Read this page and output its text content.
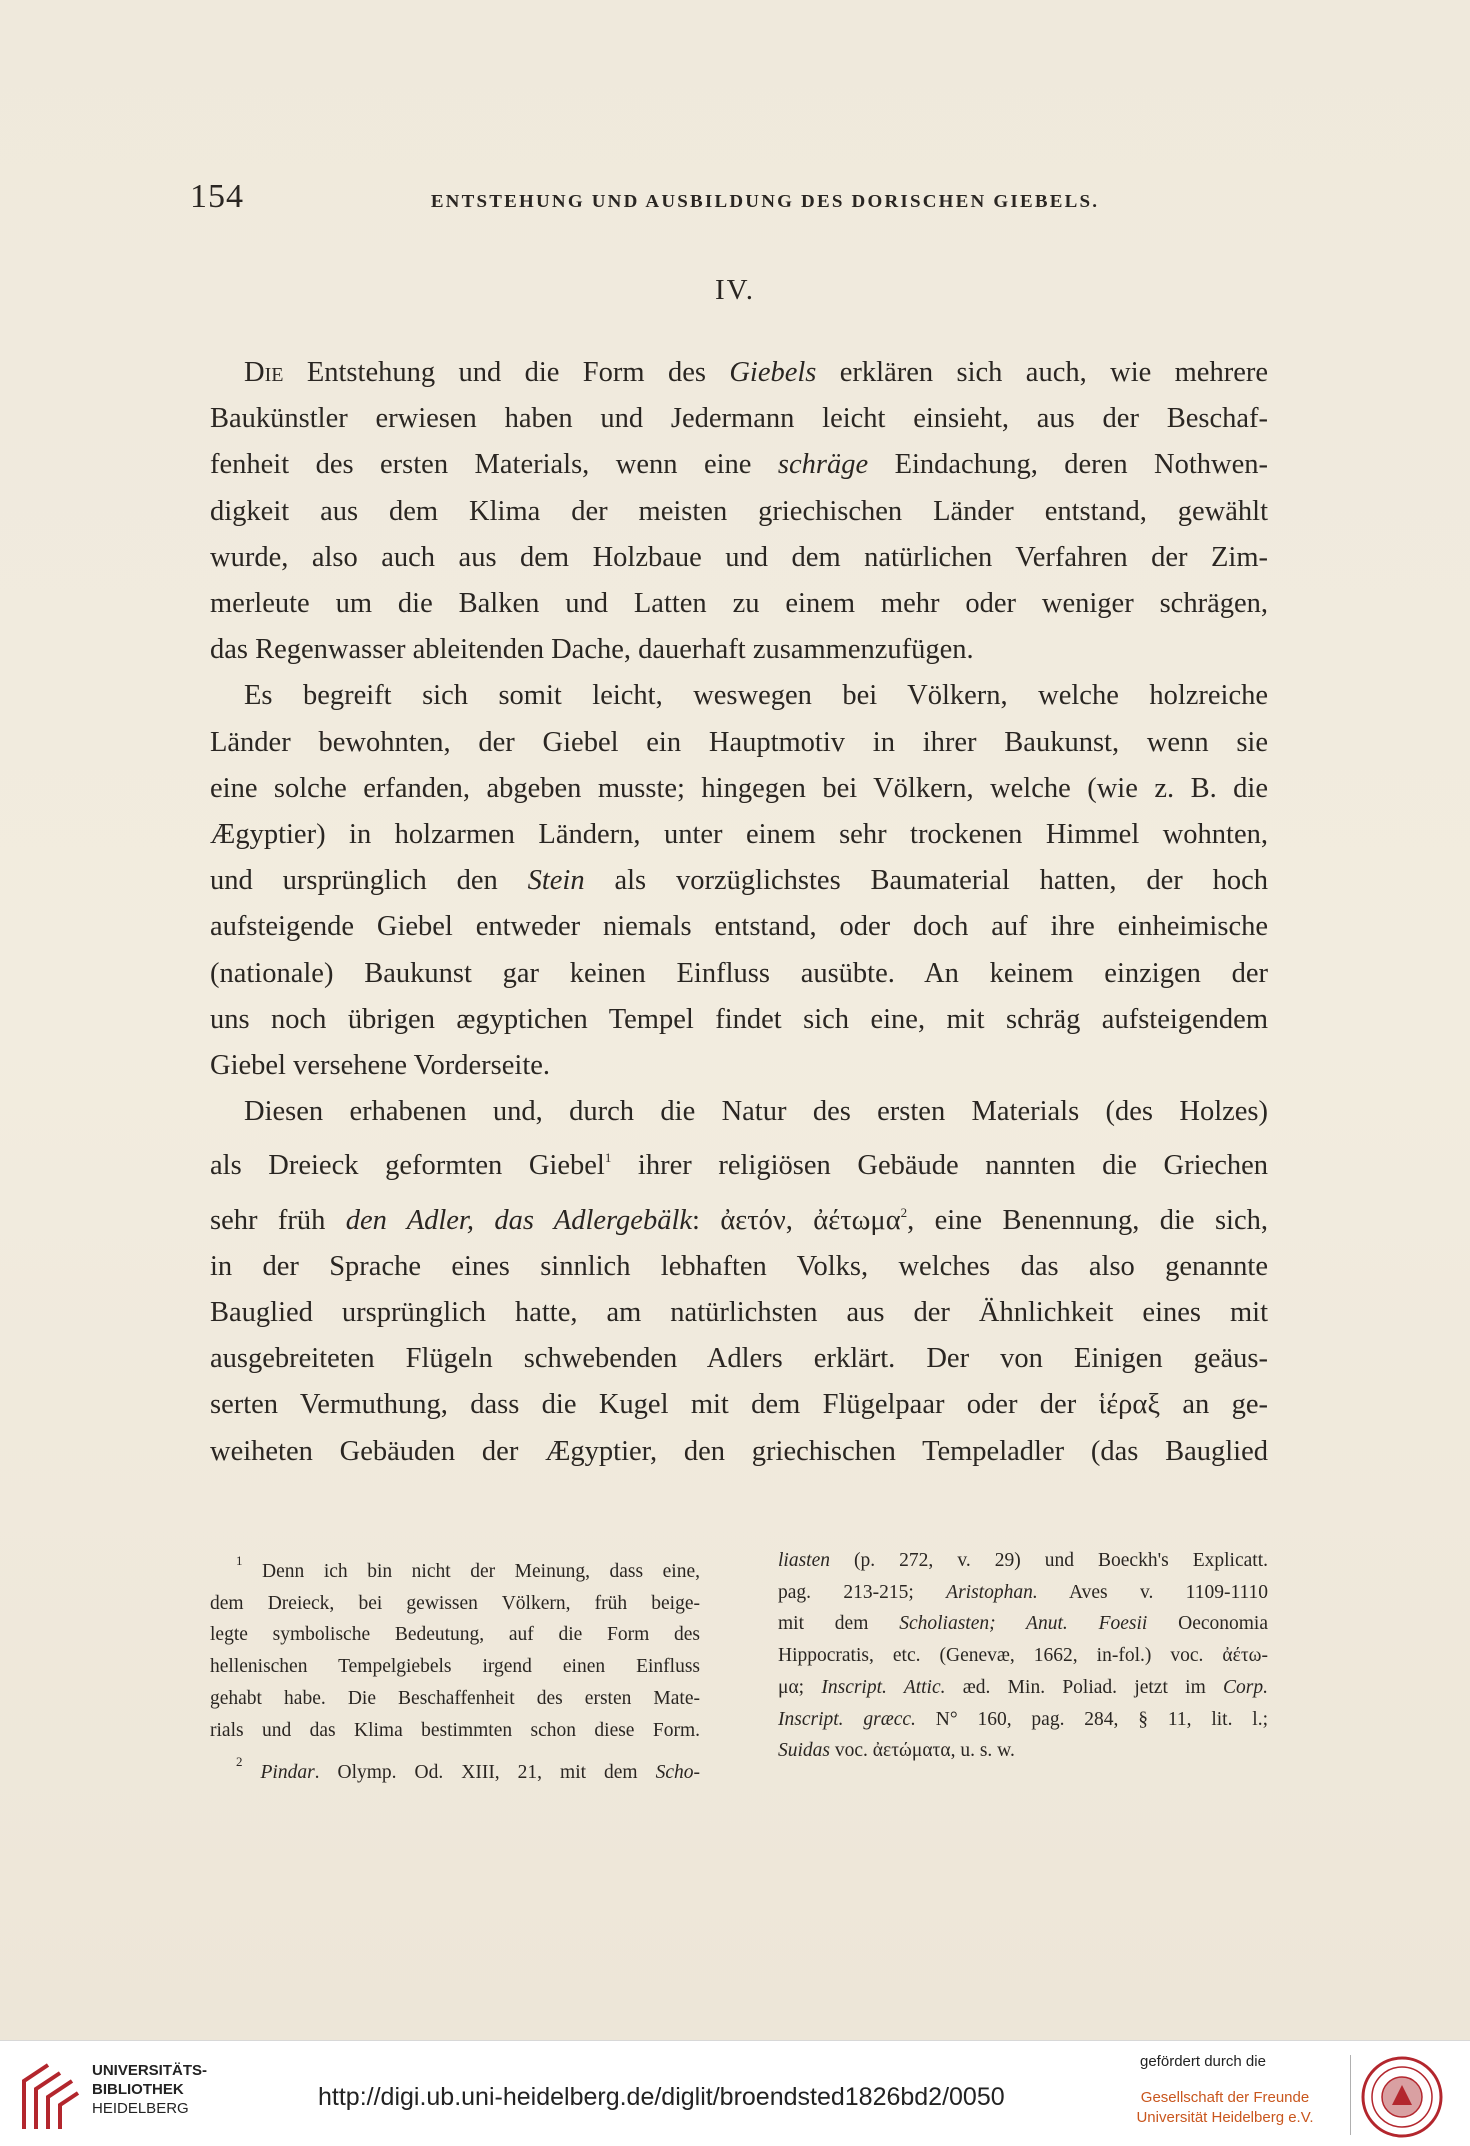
154	ENTSTEHUNG UND AUSBILDUNG DES DORISCHEN GIEBELS.
IV.
Die Entstehung und die Form des Giebels erklären sich auch, wie mehrere
Baukünstler erwiesen haben und Jedermann leicht einsieht, aus der Beschaf-
fenheit des ersten Materials, wenn eine schräge Eindachung, deren Nothwen-
digkeit aus dem Klima der meisten griechischen Länder entstand, gewählt
wurde, also auch aus dem Holzbaue und dem natürlichen Verfahren der Zim-
merleute um die Balken und Latten zu einem mehr oder weniger schrägen,
das Regenwasser ableitenden Dache, dauerhaft zusammenzufügen.
Es begreift sich somit leicht, weswegen bei Völkern, welche holzreiche
Länder bewohnten, der Giebel ein Hauptmotiv in ihrer Baukunst, wenn sie
eine solche erfanden, abgeben musste; hingegen bei Völkern, welche (wie z. B. die
Ægyptier) in holzarmen Ländern, unter einem sehr trockenen Himmel wohnten,
und ursprünglich den Stein als vorzüglichstes Baumaterial hatten, der hoch
aufsteigende Giebel entweder niemals entstand, oder doch auf ihre einheimische
(nationale) Baukunst gar keinen Einfluss ausübte. An keinem einzigen der
uns noch übrigen ægyptichen Tempel findet sich eine, mit schräg aufsteigendem
Giebel versehene Vorderseite.
Diesen erhabenen und, durch die Natur des ersten Materials (des Holzes)
als Dreieck geformten Giebel$^1$ ihrer religiösen Gebäude nannten die Griechen
sehr früh den Adler, das Adlergebälk: ἀετόν, ἀέτωμα$^2$, eine Benennung, die sich,
in der Sprache eines sinnlich lebhaften Volks, welches das also genannte
Bauglied ursprünglich hatte, am natürlichsten aus der Ähnlichkeit eines mit
ausgebreiteten Flügeln schwebenden Adlers erklärt. Der von Einigen geäus-
serten Vermuthung, dass die Kugel mit dem Flügelpaar oder der ἱέραξ an ge-
weiheten Gebäuden der Ægyptier, den griechischen Tempeladler (das Bauglied
$^1$ Denn ich bin nicht der Meinung, dass eine,
dem Dreieck, bei gewissen Völkern, früh beige-
legte symbolische Bedeutung, auf die Form des
hellenischen Tempelgiebels irgend einen Einfluss
gehabt habe. Die Beschaffenheit des ersten Mate-
rials und das Klima bestimmten schon diese Form.
$^2$ Pindar. Olymp. Od. XIII, 21, mit dem Scho-
liasten (p. 272, v. 29) und Boeckh's Explicatt.
pag. 213-215; Aristophan. Aves v. 1109-1110
mit dem Scholiasten; Anut. Foesii Oeconomia
Hippocratis, etc. (Genevæ, 1662, in-fol.) voc. ἀέτω-
μα; Inscript. Attic. æd. Min. Poliad. jetzt im Corp.
Inscript. græcc. N° 160, pag. 284, § 11, lit. l.;
Suidas voc. ἀετώματα, u. s. w.
UNIVERSITÄTS-
BIBLIOTHEK
HEIDELBERG	http://digi.ub.uni-heidelberg.de/diglit/broendsted1826bd2/0050
gefördert durch die
Gesellschaft der Freunde
Universität Heidelberg e.V.
